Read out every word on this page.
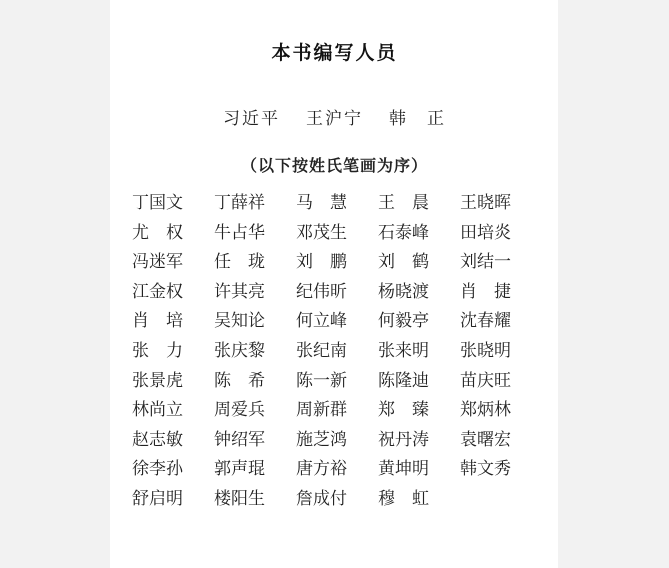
本书编写人员
习近平 王沪宁 韩　正
（以下按姓氏笔画为序）
丁国文	丁薛祥	马　慧	王　晨	王晓晖
尤　权	牛占华	邓茂生	石泰峰	田培炎
冯迷军	任　珑	刘　鹏	刘　鹤	刘结一
江金权	许其亮	纪伟昕	杨晓渡	肖　捷
肖　培	吴知论	何立峰	何毅亭	沈春耀
张　力	张庆黎	张纪南	张来明	张晓明
张景虎	陈　希	陈一新	陈隆迪	苗庆旺
林尚立	周爱兵	周新群	郑　臻	郑炳林
赵志敏	钟绍军	施芝鸿	祝丹涛	袁曙宏
徐李孙	郭声琨	唐方裕	黄坤明	韩文秀
舒启明	楼阳生	詹成付	穆　虹
